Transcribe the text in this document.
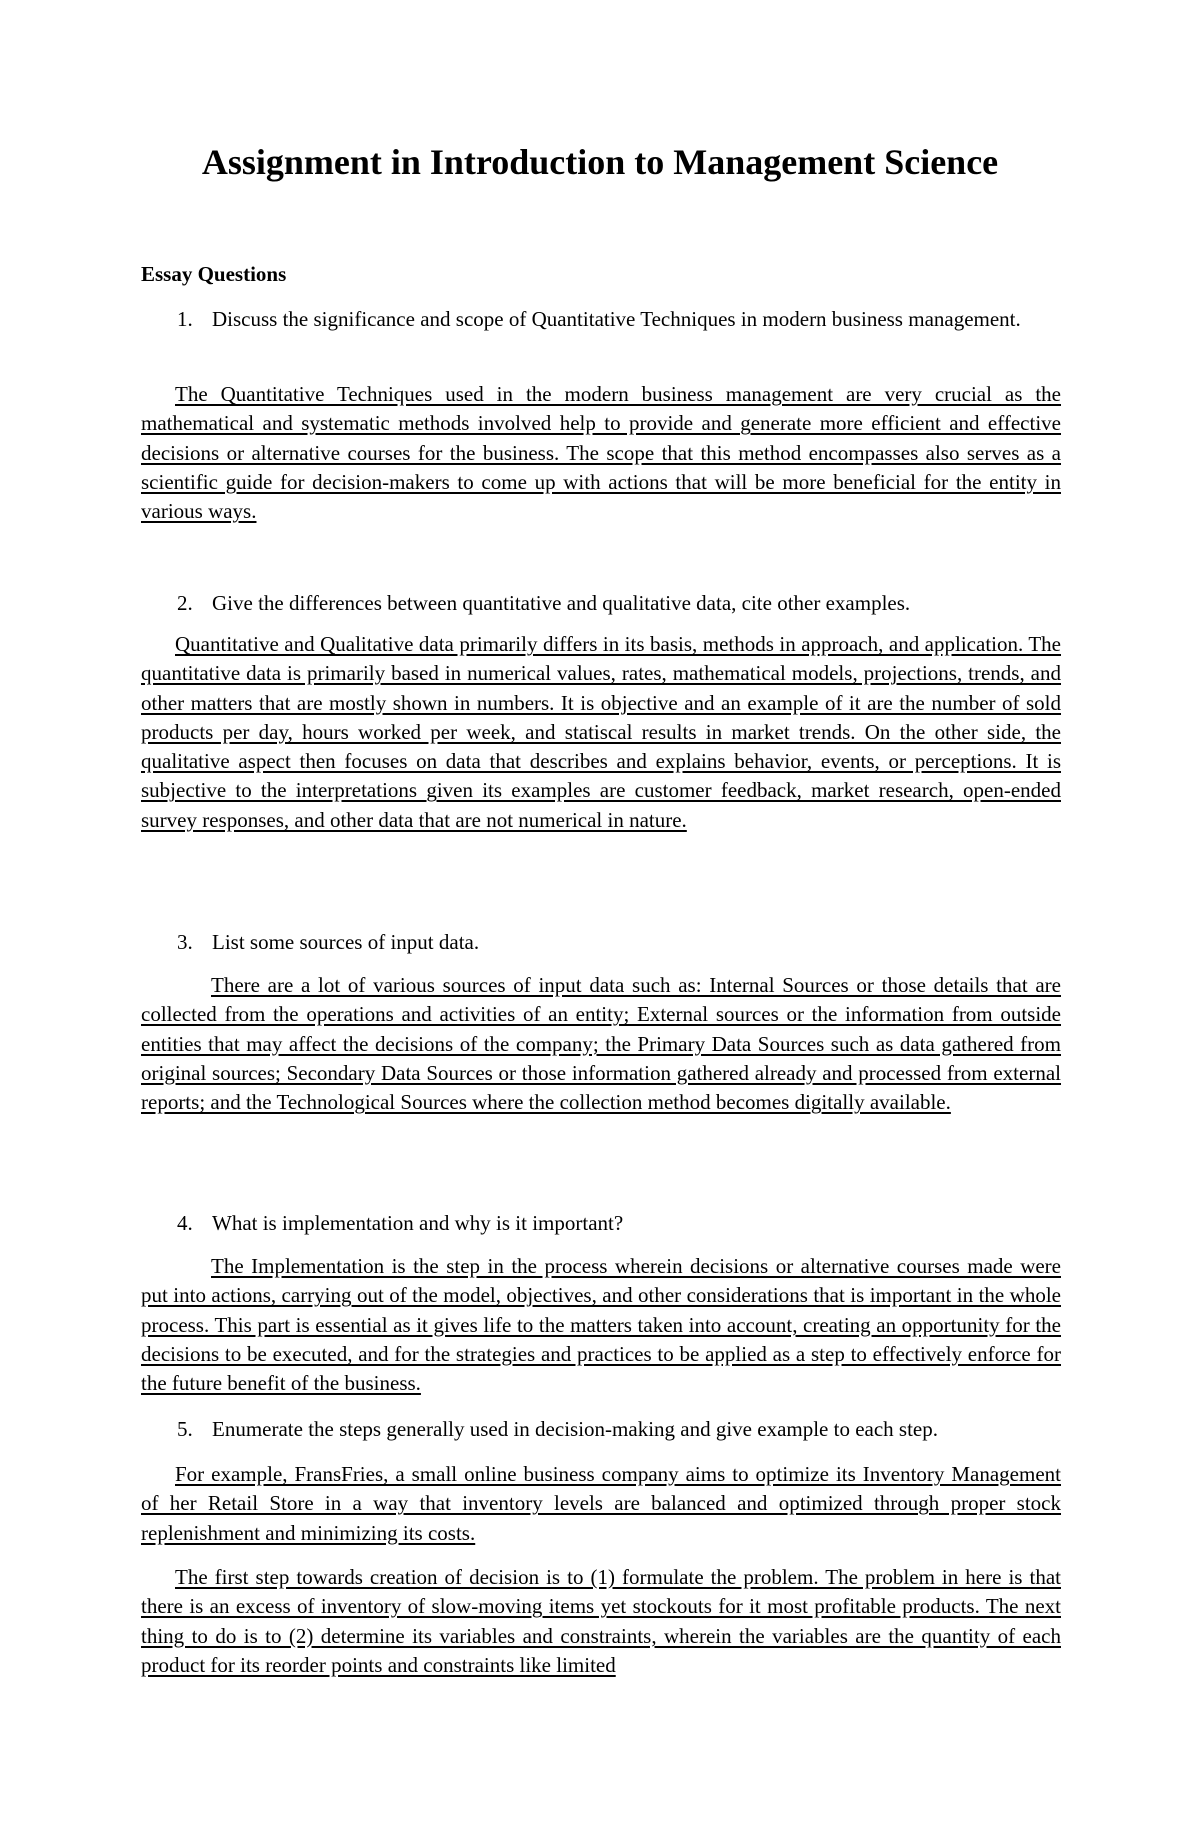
Assignment in Introduction to Management Science
Essay Questions
1. Discuss the significance and scope of Quantitative Techniques in modern business management.

The Quantitative Techniques used in the modern business management are very crucial as the mathematical and systematic methods involved help to provide and generate more efficient and effective decisions or alternative courses for the business. The scope that this method encompasses also serves as a scientific guide for decision-makers to come up with actions that will be more beneficial for the entity in various ways.

2. Give the differences between quantitative and qualitative data, cite other examples.

Quantitative and Qualitative data primarily differs in its basis, methods in approach, and application. The quantitative data is primarily based in numerical values, rates, mathematical models, projections, trends, and other matters that are mostly shown in numbers. It is objective and an example of it are the number of sold products per day, hours worked per week, and statiscal results in market trends. On the other side, the qualitative aspect then focuses on data that describes and explains behavior, events, or perceptions. It is subjective to the interpretations given its examples are customer feedback, market research, open-ended survey responses, and other data that are not numerical in nature.

3. List some sources of input data.

There are a lot of various sources of input data such as: Internal Sources or those details that are collected from the operations and activities of an entity; External sources or the information from outside entities that may affect the decisions of the company; the Primary Data Sources such as data gathered from original sources; Secondary Data Sources or those information gathered already and processed from external reports; and the Technological Sources where the collection method becomes digitally available.

4. What is implementation and why is it important?

The Implementation is the step in the process wherein decisions or alternative courses made were put into actions, carrying out of the model, objectives, and other considerations that is important in the whole process. This part is essential as it gives life to the matters taken into account, creating an opportunity for the decisions to be executed, and for the strategies and practices to be applied as a step to effectively enforce for the future benefit of the business.

5. Enumerate the steps generally used in decision-making and give example to each step.

For example, FransFries, a small online business company aims to optimize its Inventory Management of her Retail Store in a way that inventory levels are balanced and optimized through proper stock replenishment and minimizing its costs.

The first step towards creation of decision is to (1) formulate the problem. The problem in here is that there is an excess of inventory of slow-moving items yet stockouts for it most profitable products. The next thing to do is to (2) determine its variables and constraints, wherein the variables are the quantity of each product for its reorder points and constraints like limited
